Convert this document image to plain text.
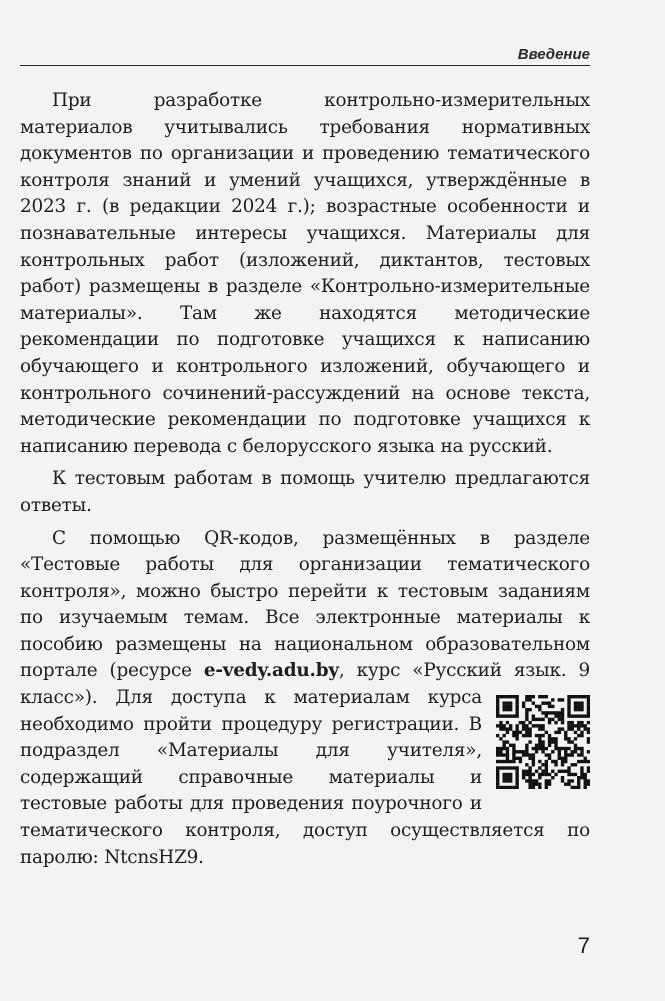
Введение

При разработке контрольно-измерительных материалов учитывались требования нормативных документов по организации и проведению тематического контроля знаний и умений учащихся, утверждённые в 2023 г. (в редакции 2024 г.); возрастные особенности и познавательные интересы учащихся. Материалы для контрольных работ (изложений, диктантов, тестовых работ) размещены в разделе «Контрольно-измерительные материалы». Там же находятся методические рекомендации по подготовке учащихся к написанию обучающего и контрольного изложений, обучающего и контрольного сочинений-рассуждений на основе текста, методические рекомендации по подготовке учащихся к написанию перевода с белорусского языка на русский.

К тестовым работам в помощь учителю предлагаются ответы.

С помощью QR-кодов, размещённых в разделе «Тестовые работы для организации тематического контроля», можно быстро перейти к тестовым заданиям по изучаемым темам. Все электронные материалы к пособию размещены на национальном образовательном портале (ресурсе e-vedy.adu.by, курс «Русский язык. 9 класс»).
Для доступа к материалам курса необходимо пройти процедуру регистрации. В подраздел «Материалы для учителя», содержащий справочные материалы и тестовые работы для проведения поурочного и тематического контроля, доступ осуществляется по паролю: NtcnsHZ9.

7
